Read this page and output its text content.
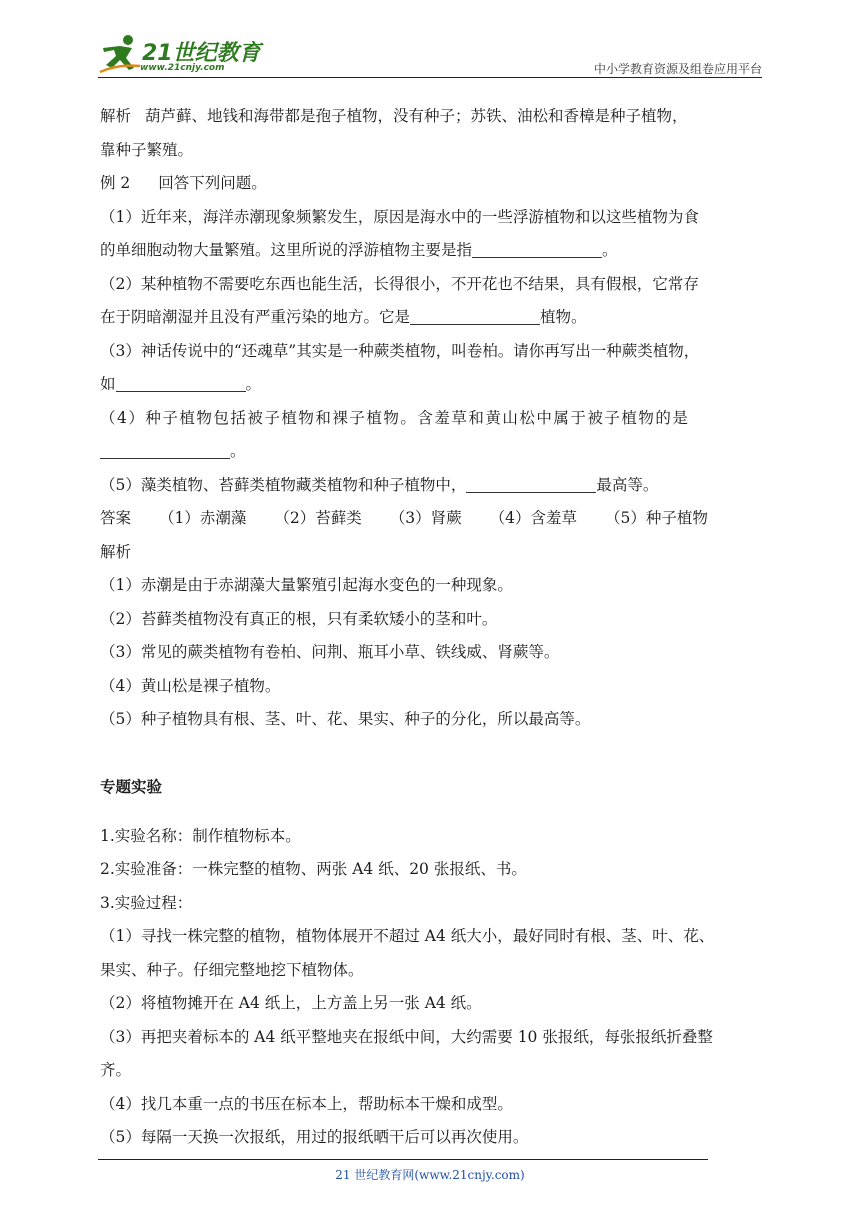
21世纪教育
www.21cnjy.com	中小学教育资源及组卷应用平台

解析 葫芦藓、地钱和海带都是孢子植物，没有种子；苏铁、油松和香樟是种子植物，

靠种子繁殖。

例 2 回答下列问题。

（1）近年来，海洋赤潮现象频繁发生，原因是海水中的一些浮游植物和以这些植物为食

的单细胞动物大量繁殖。这里所说的浮游植物主要是指	。

（2）某种植物不需要吃东西也能生活，长得很小，不开花也不结果，具有假根，它常存

在于阴暗潮湿并且没有严重污染的地方。它是	植物。

（3）神话传说中的“还魂草”其实是一种蕨类植物，叫卷柏。请你再写出一种蕨类植物，

如	。

（4）种子植物包括被子植物和裸子植物。含羞草和黄山松中属于被子植物的是

。

（5）藻类植物、苔藓类植物藏类植物和种子植物中，	最高等。

答案 （1）赤潮藻 （2）苔藓类 （3）肾蕨 （4）含羞草 （5）种子植物

解析

（1）赤潮是由于赤湖藻大量繁殖引起海水变色的一种现象。

（2）苔藓类植物没有真正的根，只有柔软矮小的茎和叶。

（3）常见的蕨类植物有卷柏、问荆、瓶耳小草、铁线威、肾蕨等。

（4）黄山松是裸子植物。

（5）种子植物具有根、茎、叶、花、果实、种子的分化，所以最高等。

专题实验

1.实验名称：制作植物标本。

2.实验准备：一株完整的植物、两张 A4 纸、20 张报纸、书。

3.实验过程：

（1）寻找一株完整的植物，植物体展开不超过 A4 纸大小，最好同时有根、茎、叶、花、

果实、种子。仔细完整地挖下植物体。

（2）将植物摊开在 A4 纸上，上方盖上另一张 A4 纸。

（3）再把夹着标本的 A4 纸平整地夹在报纸中间，大约需要 10 张报纸，每张报纸折叠整

齐。

（4）找几本重一点的书压在标本上，帮助标本干燥和成型。

（5）每隔一天换一次报纸，用过的报纸晒干后可以再次使用。

21 世纪教育网(www.21cnjy.com)
